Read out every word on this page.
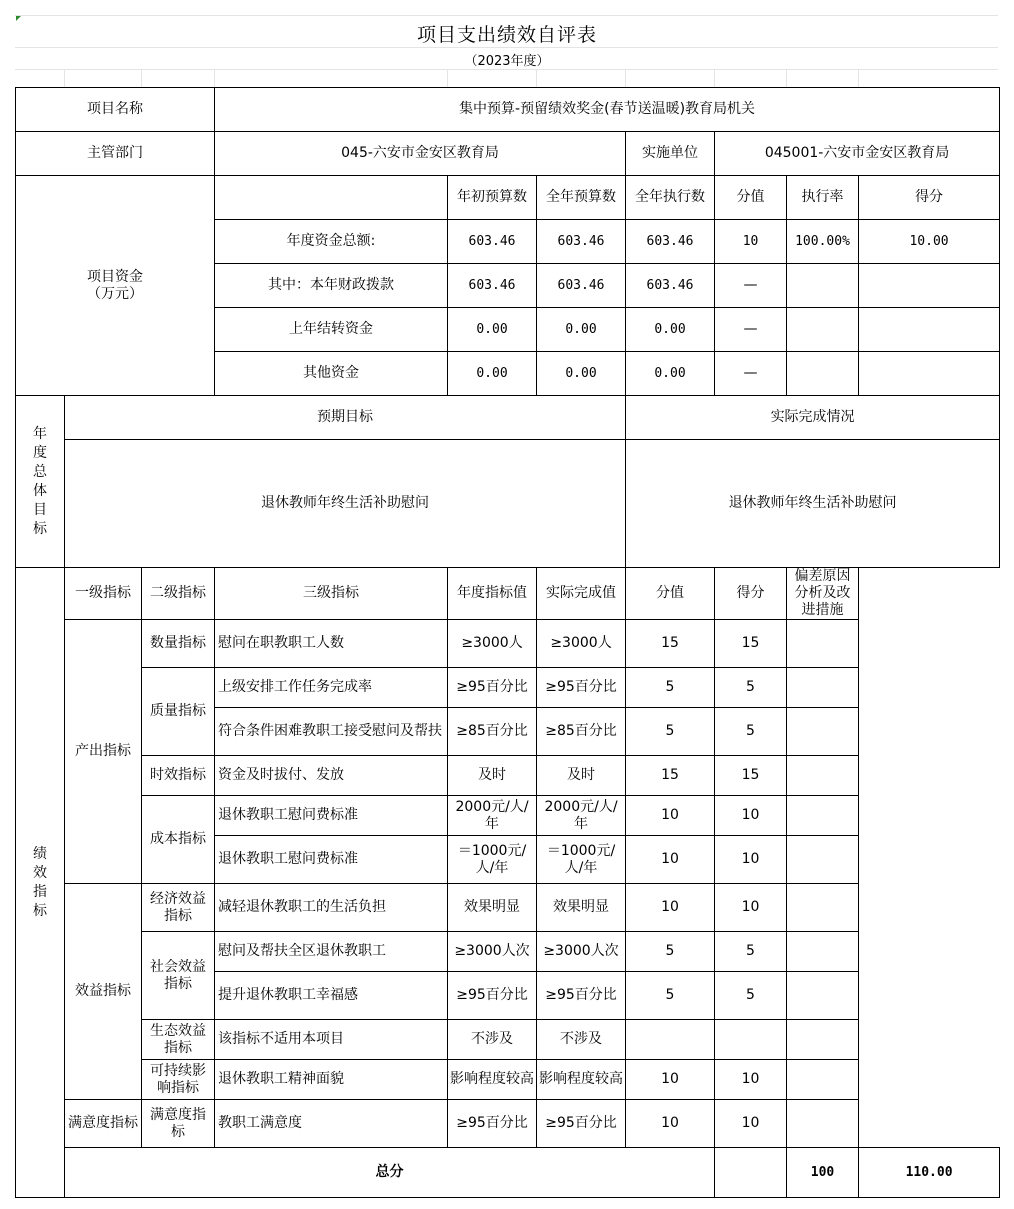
项目支出绩效自评表
（2023年度）
项目名称			集中预算-预留绩效奖金(春节送温暖)教育局机关							
主管部门			045-六安市金安区教育局			实施单位	045001-六安市金安区教育局			
项目资金
（万元）				年初预算数	全年预算数	全年执行数	分值	执行率	得分	
			年度资金总额:	603.46	603.46	603.46	10	100.00%	10.00	
			其中：本年财政拨款	603.46	603.46	603.46	—			
			上年结转资金	0.00	0.00	0.00	—			
			其他资金	0.00	0.00	0.00	—			
年度总体目标	预期目标					实际完成情况				
	退休教师年终生活补助慰问					退休教师年终生活补助慰问				
绩效指标	一级指标	二级指标	三级指标	年度指标值	实际完成值	分值	得分	偏差原因分析及改进措施		
	产出指标	数量指标	慰问在职教职工人数	≥3000人	≥3000人	15	15			
		质量指标	上级安排工作任务完成率	≥95百分比	≥95百分比	5	5			
			符合条件困难教职工接受慰问及帮扶	≥85百分比	≥85百分比	5	5			
		时效指标	资金及时拔付、发放	及时	及时	15	15			
		成本指标	退休教职工慰问费标准	2000元/人/年	2000元/人/年	10	10			
			退休教职工慰问费标准	＝1000元/人/年	＝1000元/人/年	10	10			
	效益指标	经济效益指标	减轻退休教职工的生活负担	效果明显	效果明显	10	10			
		社会效益指标	慰问及帮扶全区退休教职工	≥3000人次	≥3000人次	5	5			
			提升退休教职工幸福感	≥95百分比	≥95百分比	5	5			
		生态效益指标	该指标不适用本项目	不涉及	不涉及					
		可持续影响指标	退休教职工精神面貌	影响程度较高	影响程度较高	10	10			
	满意度指标	满意度指标	教职工满意度	≥95百分比	≥95百分比	10	10			
	总分							100	110.00	
